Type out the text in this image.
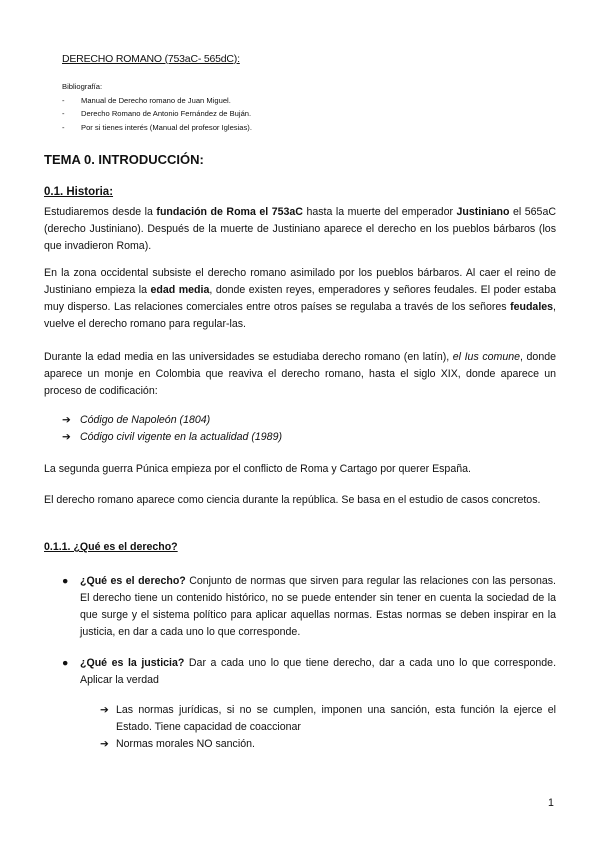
DERECHO ROMANO (753aC- 565dC):
Bibliografía:
- Manual de Derecho romano de Juan Miguel.
- Derecho Romano de Antonio Fernández de Buján.
- Por si tienes interés (Manual del profesor Iglesias).
TEMA 0. INTRODUCCIÓN:
0.1. Historia:
Estudiaremos desde la fundación de Roma el 753aC hasta la muerte del emperador Justiniano el 565aC (derecho Justiniano). Después de la muerte de Justiniano aparece el derecho en los pueblos bárbaros (los que invadieron Roma).
En la zona occidental subsiste el derecho romano asimilado por los pueblos bárbaros. Al caer el reino de Justiniano empieza la edad media, donde existen reyes, emperadores y señores feudales. El poder estaba muy disperso. Las relaciones comerciales entre otros países se regulaba a través de los señores feudales, vuelve el derecho romano para regular-las.
Durante la edad media en las universidades se estudiaba derecho romano (en latín), el Ius comune, donde aparece un monje en Colombia que reaviva el derecho romano, hasta el siglo XIX, donde aparece un proceso de codificación:
➔ Código de Napoleón (1804)
➔ Código civil vigente en la actualidad (1989)
La segunda guerra Púnica empieza por el conflicto de Roma y Cartago por querer España.
El derecho romano aparece como ciencia durante la república. Se basa en el estudio de casos concretos.
0.1.1. ¿Qué es el derecho?
●	¿Qué es el derecho? Conjunto de normas que sirven para regular las relaciones con las personas. El derecho tiene un contenido histórico, no se puede entender sin tener en cuenta la sociedad de la que surge y el sistema político para aplicar aquellas normas. Estas normas se deben inspirar en la justicia, en dar a cada uno lo que corresponde.
●	¿Qué es la justicia? Dar a cada uno lo que tiene derecho, dar a cada uno lo que corresponde. Aplicar la verdad
➔ Las normas jurídicas, si no se cumplen, imponen una sanción, esta función la ejerce el Estado. Tiene capacidad de coaccionar
➔ Normas morales NO sanción.
1
